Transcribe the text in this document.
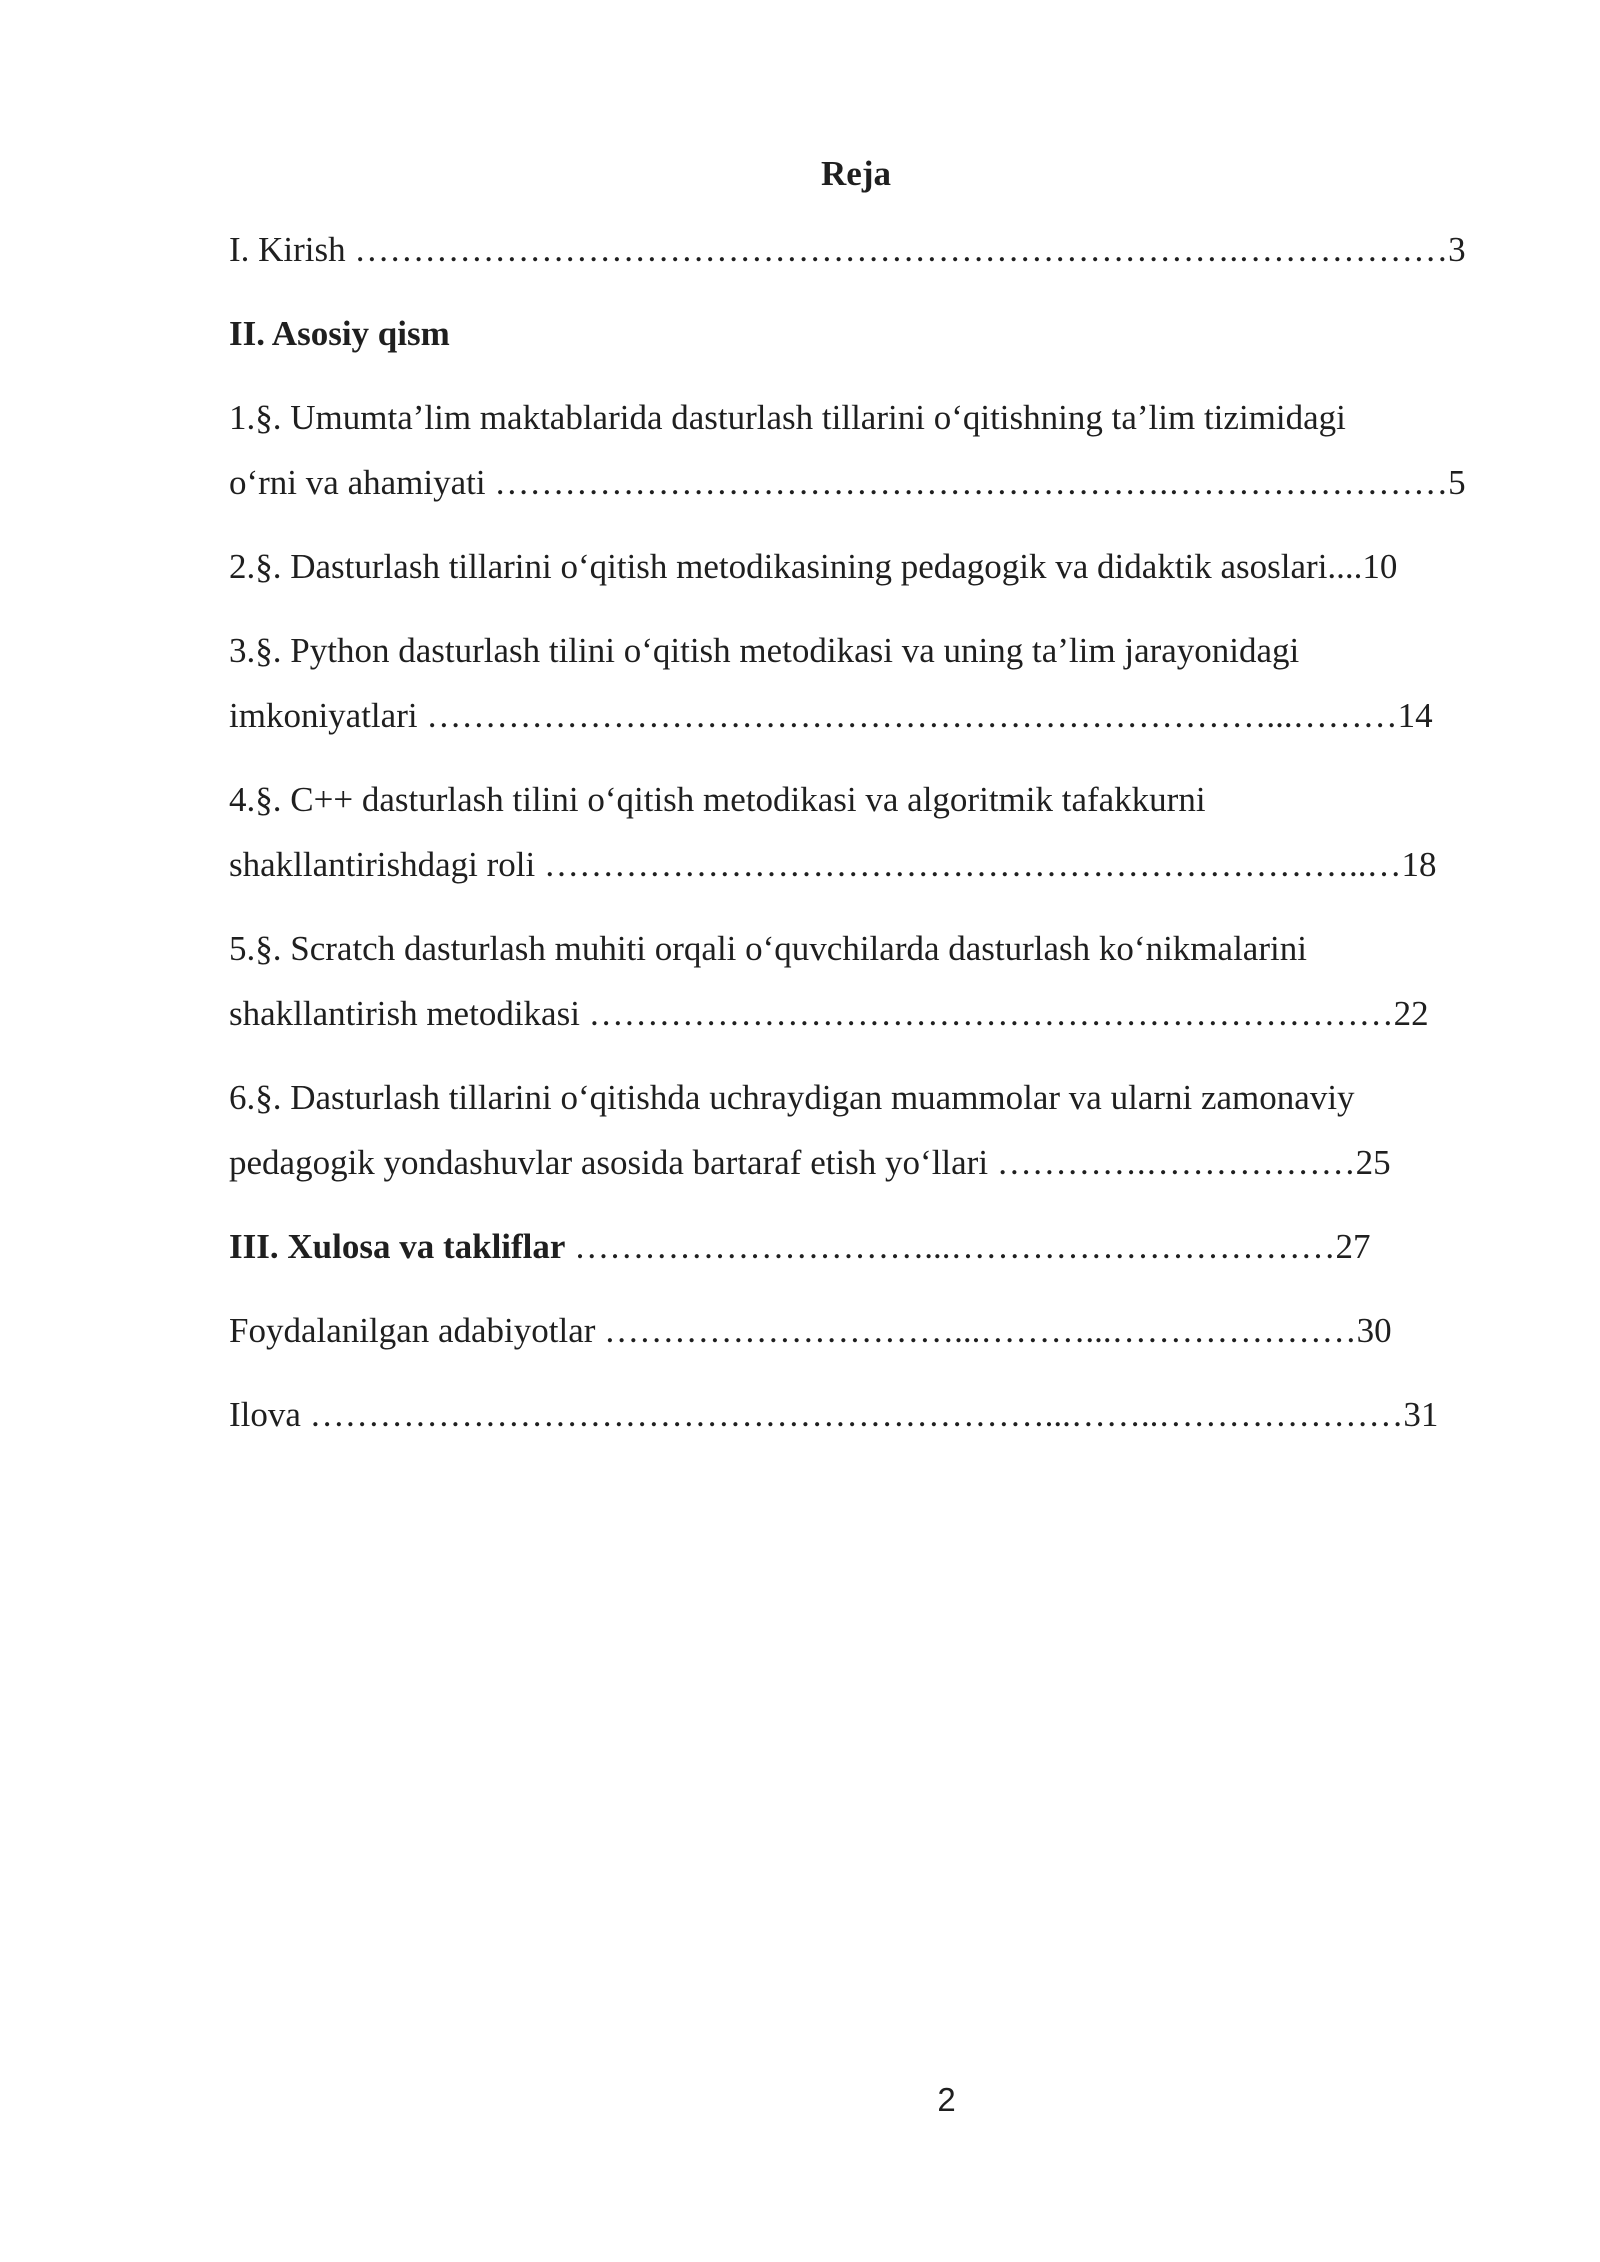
Reja
I. Kirish ………………………………………………………………….………………3
II. Asosiy qism
1.§. Umumta’lim maktablarida dasturlash tillarini o‘qitishning ta’lim tizimidagi
o‘rni va ahamiyati ………………………………………………….……………………5
2.§. Dasturlash tillarini o‘qitish metodikasining pedagogik va didaktik asoslari....10
3.§. Python dasturlash tilini o‘qitish metodikasi va uning ta’lim jarayonidagi
imkoniyatlari ………………………………………………………………...………14
4.§. C++ dasturlash tilini o‘qitish metodikasi va algoritmik tafakkurni
shakllantirishdagi roli ……………………………………………………………..…18
5.§. Scratch dasturlash muhiti orqali o‘quvchilarda dasturlash ko‘nikmalarini
shakllantirish metodikasi ……………………………………………………………22
6.§. Dasturlash tillarini o‘qitishda uchraydigan muammolar va ularni zamonaviy
pedagogik yondashuvlar asosida bartaraf etish yo‘llari ………….………………25
III. Xulosa va takliflar …………………………...……………………………27
Foydalanilgan adabiyotlar …………………………...………...…………………30
Ilova ………………………………………………………...……..…………………31
2
